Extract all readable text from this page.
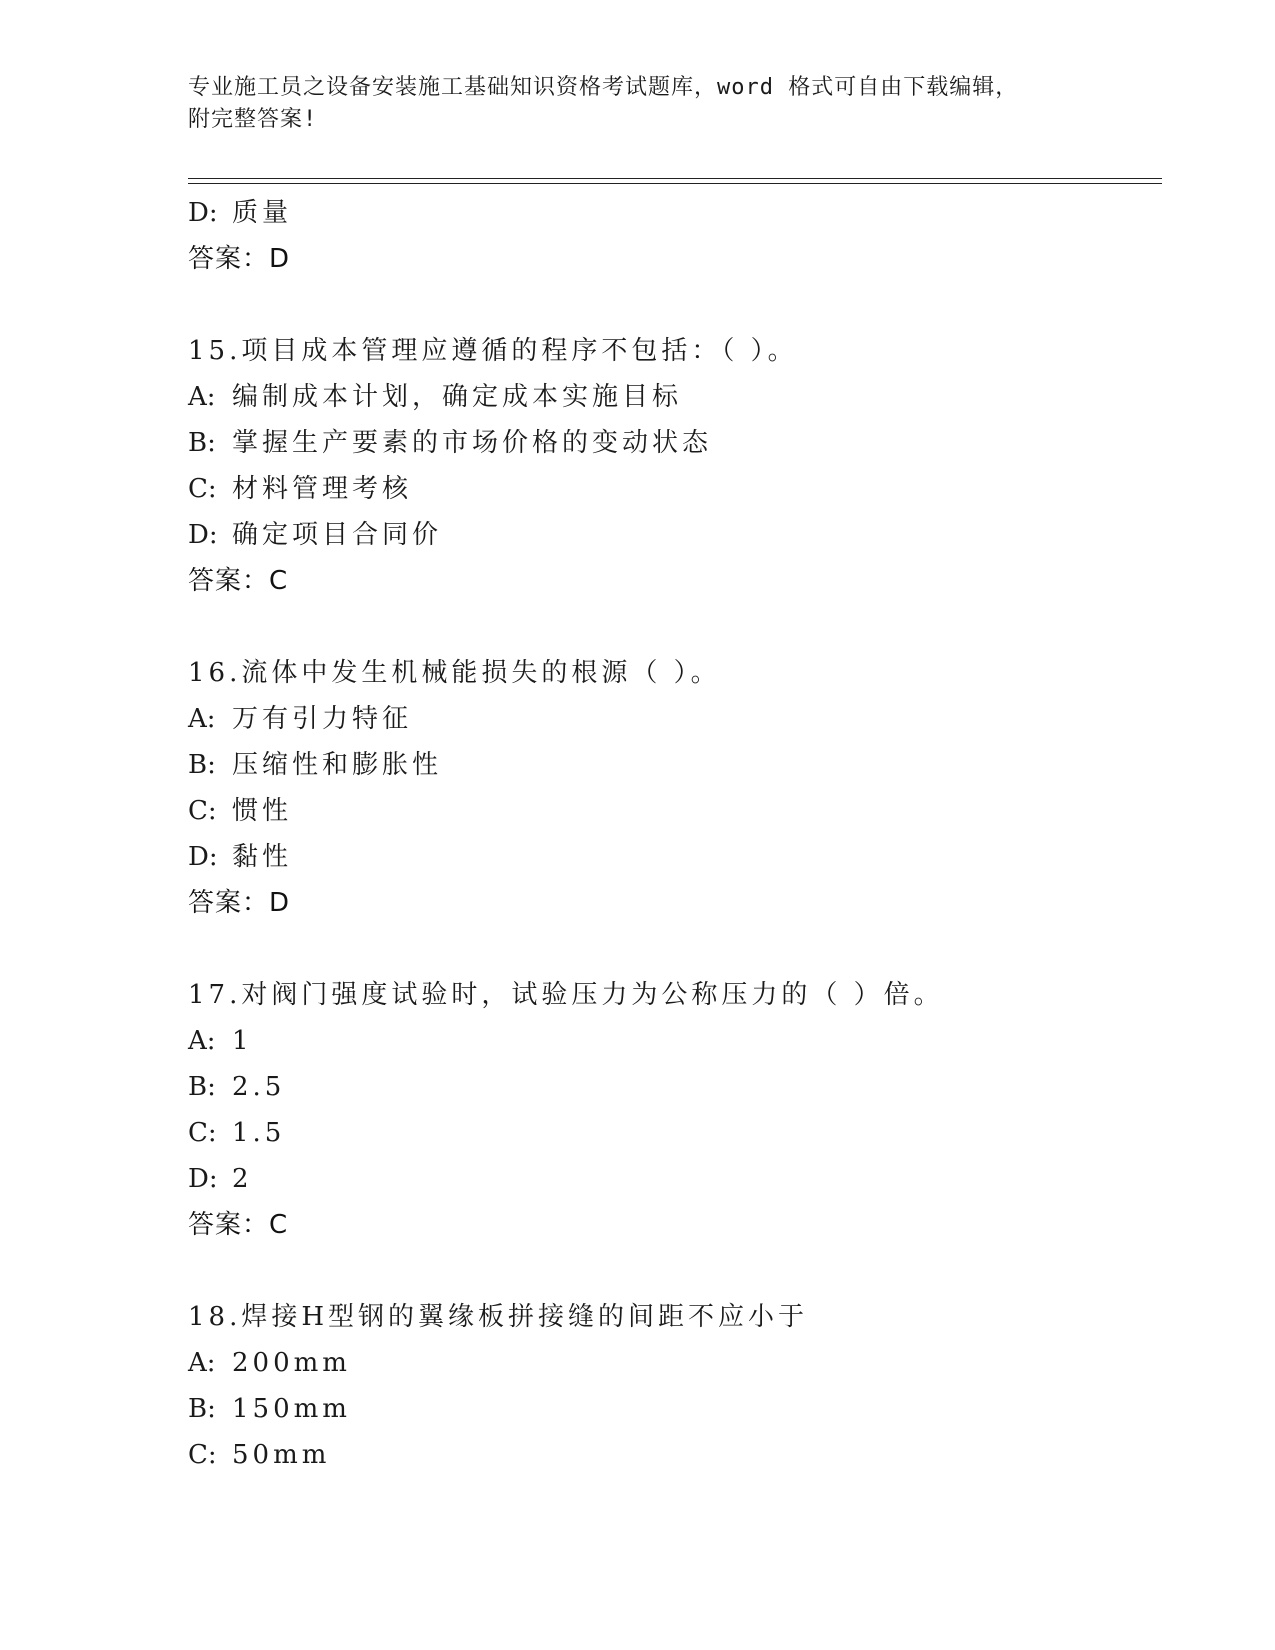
专业施工员之设备安装施工基础知识资格考试题库，word 格式可自由下载编辑，
附完整答案!
D: 质量
答案：D
15.项目成本管理应遵循的程序不包括：（ ）。
A: 编制成本计划，确定成本实施目标
B: 掌握生产要素的市场价格的变动状态
C: 材料管理考核
D: 确定项目合同价
答案：C
16.流体中发生机械能损失的根源（ ）。
A: 万有引力特征
B: 压缩性和膨胀性
C: 惯性
D: 黏性
答案：D
17.对阀门强度试验时，试验压力为公称压力的（ ）倍。
A: 1
B: 2.5
C: 1.5
D: 2
答案：C
18.焊接H型钢的翼缘板拼接缝的间距不应小于
A: 200mm
B: 150mm
C: 50mm
